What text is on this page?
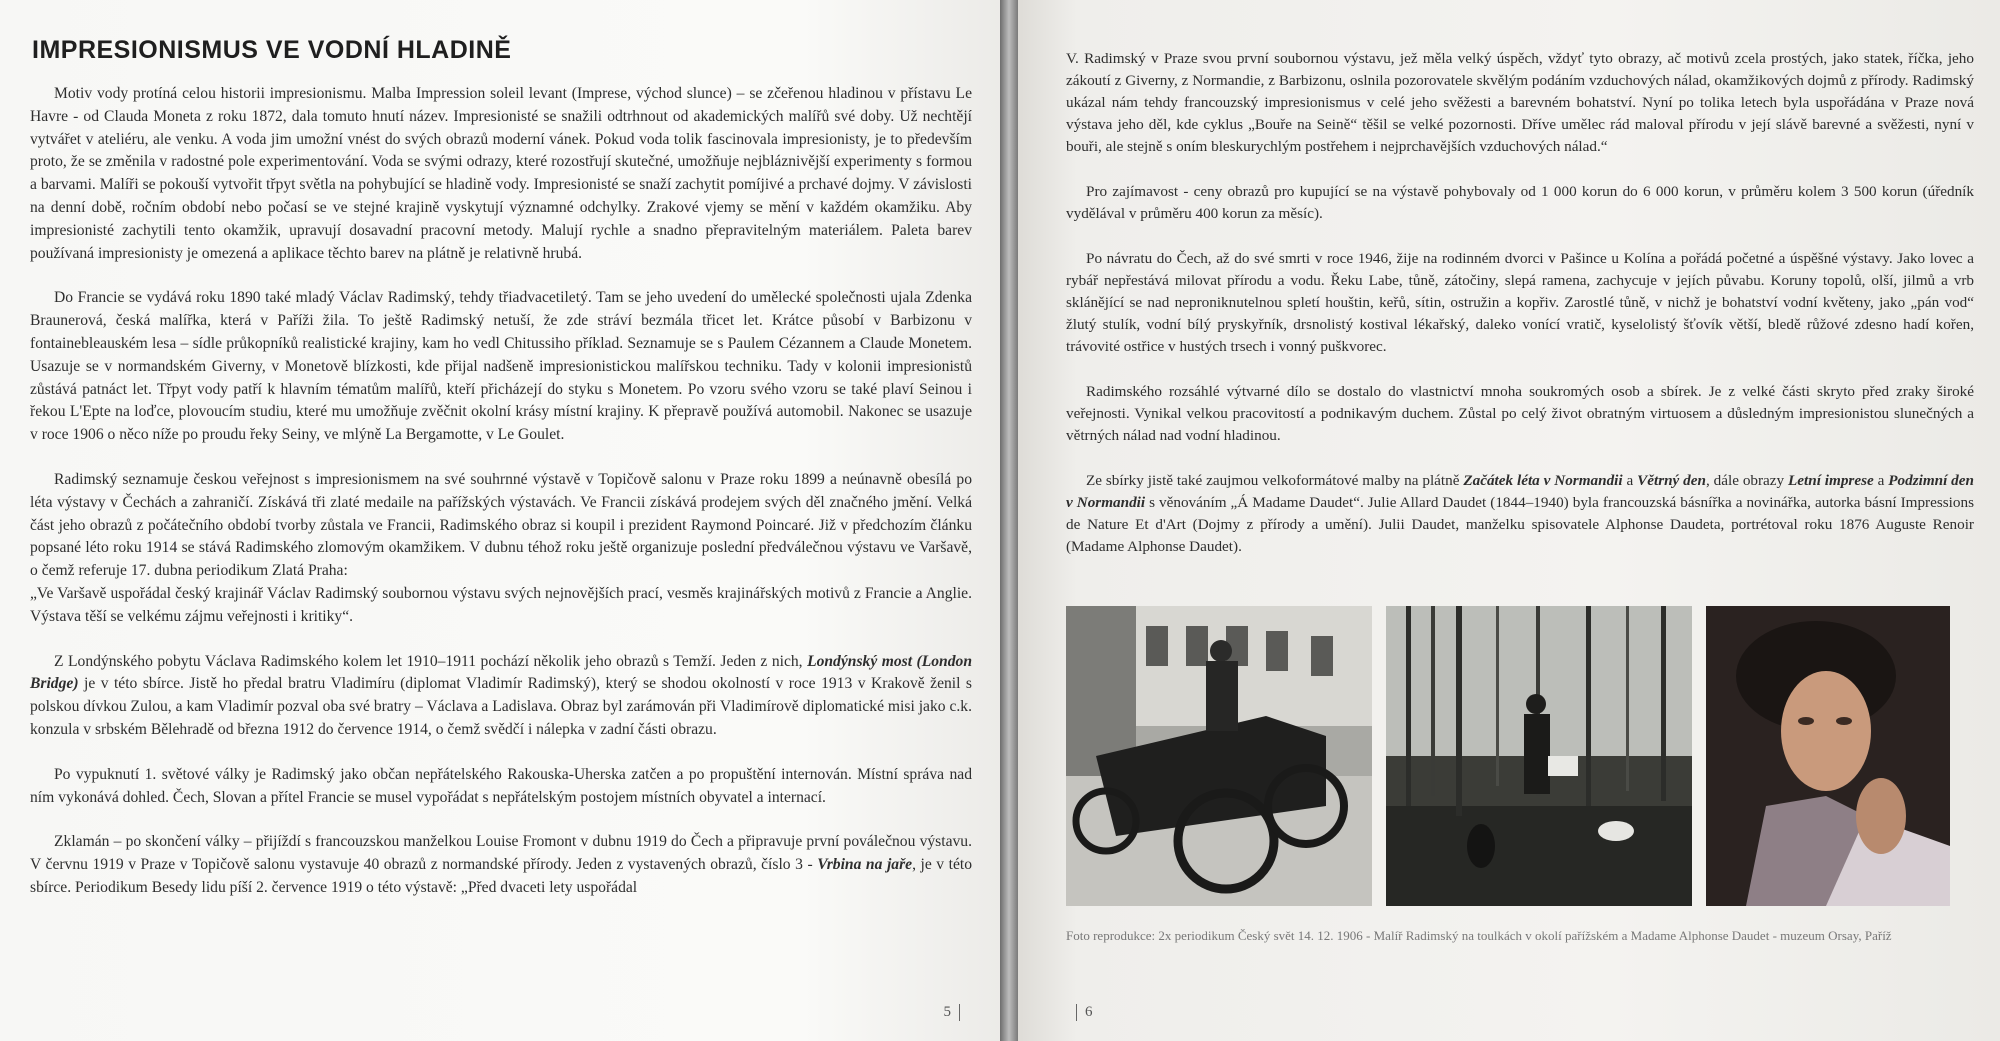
IMPRESIONISMUS VE VODNÍ HLADINĚ

Motiv vody protíná celou historii impresionismu. Malba Impression soleil levant (Imprese, východ slunce) – se zčeřenou hladinou v přístavu Le Havre - od Clauda Moneta z roku 1872, dala tomuto hnutí název. Impresionisté se snažili odtrhnout od akademických malířů své doby. Už nechtějí vytvářet v ateliéru, ale venku. A voda jim umožní vnést do svých obrazů moderní vánek. Pokud voda tolik fascinovala impresionisty, je to především proto, že se změnila v radostné pole experimentování. Voda se svými odrazy, které rozostřují skutečné, umožňuje nejbláznivější experimenty s formou a barvami. Malíři se pokouší vytvořit třpyt světla na pohybující se hladině vody. Impresionisté se snaží zachytit pomíjivé a prchavé dojmy. V závislosti na denní době, ročním období nebo počasí se ve stejné krajině vyskytují významné odchylky. Zrakové vjemy se mění v každém okamžiku. Aby impresionisté zachytili tento okamžik, upravují dosavadní pracovní metody. Malují rychle a snadno přepravitelným materiálem. Paleta barev používaná impresionisty je omezená a aplikace těchto barev na plátně je relativně hrubá.

Do Francie se vydává roku 1890 také mladý Václav Radimský, tehdy třiadvacetiletý. Tam se jeho uvedení do umělecké společnosti ujala Zdenka Braunerová, česká malířka, která v Paříži žila. To ještě Radimský netuší, že zde stráví bezmála třicet let. Krátce působí v Barbizonu v fontainebleauském lesa – sídle průkopníků realistické krajiny, kam ho vedl Chitussiho příklad. Seznamuje se s Paulem Cézannem a Claude Monetem. Usazuje se v normandském Giverny, v Monetově blízkosti, kde přijal nadšeně impresionistickou malířskou techniku. Tady v kolonii impresionistů zůstává patnáct let. Třpyt vody patří k hlavním tématům malířů, kteří přicházejí do styku s Monetem. Po vzoru svého vzoru se také plaví Seinou i řekou L'Epte na loďce, plovoucím studiu, které mu umožňuje zvěčnit okolní krásy místní krajiny. K přepravě používá automobil. Nakonec se usazuje v roce 1906 o něco níže po proudu řeky Seiny, ve mlýně La Bergamotte, v Le Goulet.

Radimský seznamuje českou veřejnost s impresionismem na své souhrnné výstavě v Topičově salonu v Praze roku 1899 a neúnavně obesílá po léta výstavy v Čechách a zahraničí. Získává tři zlaté medaile na pařížských výstavách. Ve Francii získává prodejem svých děl značného jmění. Velká část jeho obrazů z počátečního období tvorby zůstala ve Francii, Radimského obraz si koupil i prezident Raymond Poincaré. Již v předchozím článku popsané léto roku 1914 se stává Radimského zlomovým okamžikem. V dubnu téhož roku ještě organizuje poslední předválečnou výstavu ve Varšavě, o čemž referuje 17. dubna periodikum Zlatá Praha:

„Ve Varšavě uspořádal český krajinář Václav Radimský soubornou výstavu svých nejnovějších prací, vesměs krajinářských motivů z Francie a Anglie. Výstava těší se velkému zájmu veřejnosti i kritiky“.

Z Londýnského pobytu Václava Radimského kolem let 1910–1911 pochází několik jeho obrazů s Temží. Jeden z nich, Londýnský most (London Bridge) je v této sbírce. Jistě ho předal bratru Vladimíru (diplomat Vladimír Radimský), který se shodou okolností v roce 1913 v Krakově ženil s polskou dívkou Zulou, a kam Vladimír pozval oba své bratry – Václava a Ladislava. Obraz byl zarámován při Vladimírově diplomatické misi jako c.k. konzula v srbském Bělehradě od března 1912 do července 1914, o čemž svědčí i nálepka v zadní části obrazu.

Po vypuknutí 1. světové války je Radimský jako občan nepřátelského Rakouska-Uherska zatčen a po propuštění internován. Místní správa nad ním vykonává dohled. Čech, Slovan a přítel Francie se musel vypořádat s nepřátelským postojem místních obyvatel a internací.

Zklamán – po skončení války – přijíždí s francouzskou manželkou Louise Fromont v dubnu 1919 do Čech a připravuje první poválečnou výstavu. V červnu 1919 v Praze v Topičově salonu vystavuje 40 obrazů z normandské přírody. Jeden z vystavených obrazů, číslo 3 - Vrbina na jaře, je v této sbírce. Periodikum Besedy lidu píší 2. července 1919 o této výstavě: „Před dvaceti lety uspořádal

5

V. Radimský v Praze svou první soubornou výstavu, jež měla velký úspěch, vždyť tyto obrazy, ač motivů zcela prostých, jako statek, říčka, jeho zákoutí z Giverny, z Normandie, z Barbizonu, oslnila pozorovatele skvělým podáním vzduchových nálad, okamžikových dojmů z přírody. Radimský ukázal nám tehdy francouzský impresionismus v celé jeho svěžesti a barevném bohatství. Nyní po tolika letech byla uspořádána v Praze nová výstava jeho děl, kde cyklus „Bouře na Seině“ těšil se velké pozornosti. Dříve umělec rád maloval přírodu v její slávě barevné a svěžesti, nyní v bouři, ale stejně s oním bleskurychlým postřehem i nejprchavějších vzduchových nálad.“

Pro zajímavost - ceny obrazů pro kupující se na výstavě pohybovaly od 1 000 korun do 6 000 korun, v průměru kolem 3 500 korun (úředník vydělával v průměru 400 korun za měsíc).

Po návratu do Čech, až do své smrti v roce 1946, žije na rodinném dvorci v Pašince u Kolína a pořádá početné a úspěšné výstavy. Jako lovec a rybář nepřestává milovat přírodu a vodu. Řeku Labe, tůně, zátočiny, slepá ramena, zachycuje v jejích půvabu. Koruny topolů, olší, jilmů a vrb sklánějící se nad neproniknutelnou spletí houštin, keřů, sítin, ostružin a kopřiv. Zarostlé tůně, v nichž je bohatství vodní květeny, jako „pán vod“ žlutý stulík, vodní bílý pryskyřník, drsnolistý kostival lékařský, daleko vonící vratič, kyselolistý šťovík větší, bledě růžové zdesno hadí kořen, trávovité ostřice v hustých trsech i vonný puškvorec.

Radimského rozsáhlé výtvarné dílo se dostalo do vlastnictví mnoha soukromých osob a sbírek. Je z velké části skryto před zraky široké veřejnosti. Vynikal velkou pracovitostí a podnikavým duchem. Zůstal po celý život obratným virtuosem a důsledným impresionistou slunečných a větrných nálad nad vodní hladinou.

Ze sbírky jistě také zaujmou velkoformátové malby na plátně Začátek léta v Normandii a Větrný den, dále obrazy Letní imprese a Podzimní den v Normandii s věnováním „Á Madame Daudet“. Julie Allard Daudet (1844–1940) byla francouzská básnířka a novinářka, autorka básní Impressions de Nature Et d'Art (Dojmy z přírody a umění). Julii Daudet, manželku spisovatele Alphonse Daudeta, portrétoval roku 1876 Auguste Renoir (Madame Alphonse Daudet).

Foto reprodukce: 2x periodikum Český svět 14. 12. 1906 - Malíř Radimský na toulkách v okolí pařížském a Madame Alphonse Daudet - muzeum Orsay, Paříž
6
